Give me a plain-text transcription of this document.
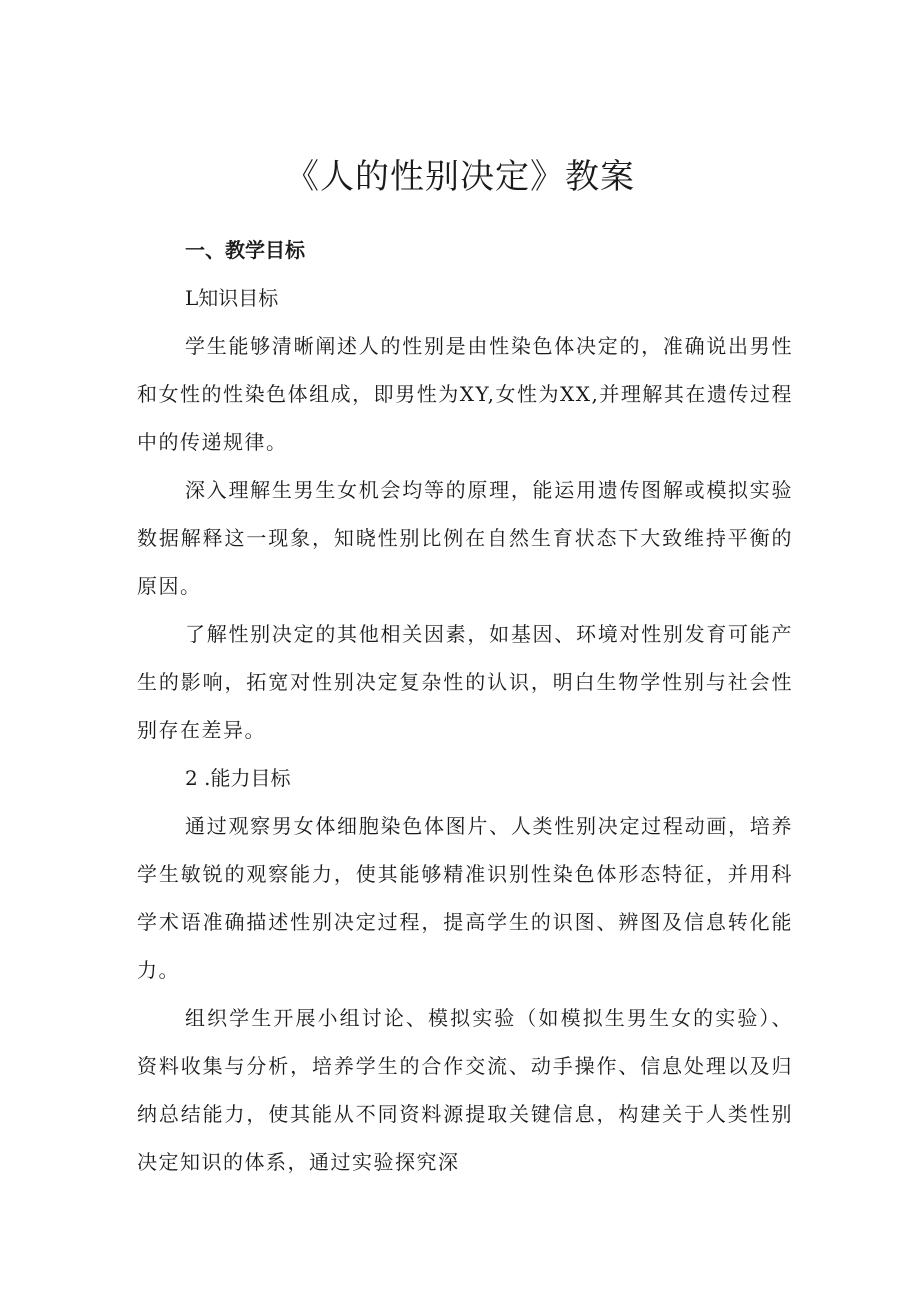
《人的性别决定》教案

一、教学目标

L知识目标

学生能够清晰阐述人的性别是由性染色体决定的，准确说出男性和女性的性染色体组成，即男性为XY,女性为XX,并理解其在遗传过程中的传递规律。

深入理解生男生女机会均等的原理，能运用遗传图解或模拟实验数据解释这一现象，知晓性别比例在自然生育状态下大致维持平衡的原因。

了解性别决定的其他相关因素，如基因、环境对性别发育可能产生的影响，拓宽对性别决定复杂性的认识，明白生物学性别与社会性别存在差异。

2 .能力目标

通过观察男女体细胞染色体图片、人类性别决定过程动画，培养学生敏锐的观察能力，使其能够精准识别性染色体形态特征，并用科学术语准确描述性别决定过程，提高学生的识图、辨图及信息转化能力。

组织学生开展小组讨论、模拟实验（如模拟生男生女的实验）、资料收集与分析，培养学生的合作交流、动手操作、信息处理以及归纳总结能力，使其能从不同资料源提取关键信息，构建关于人类性别决定知识的体系，通过实验探究深
